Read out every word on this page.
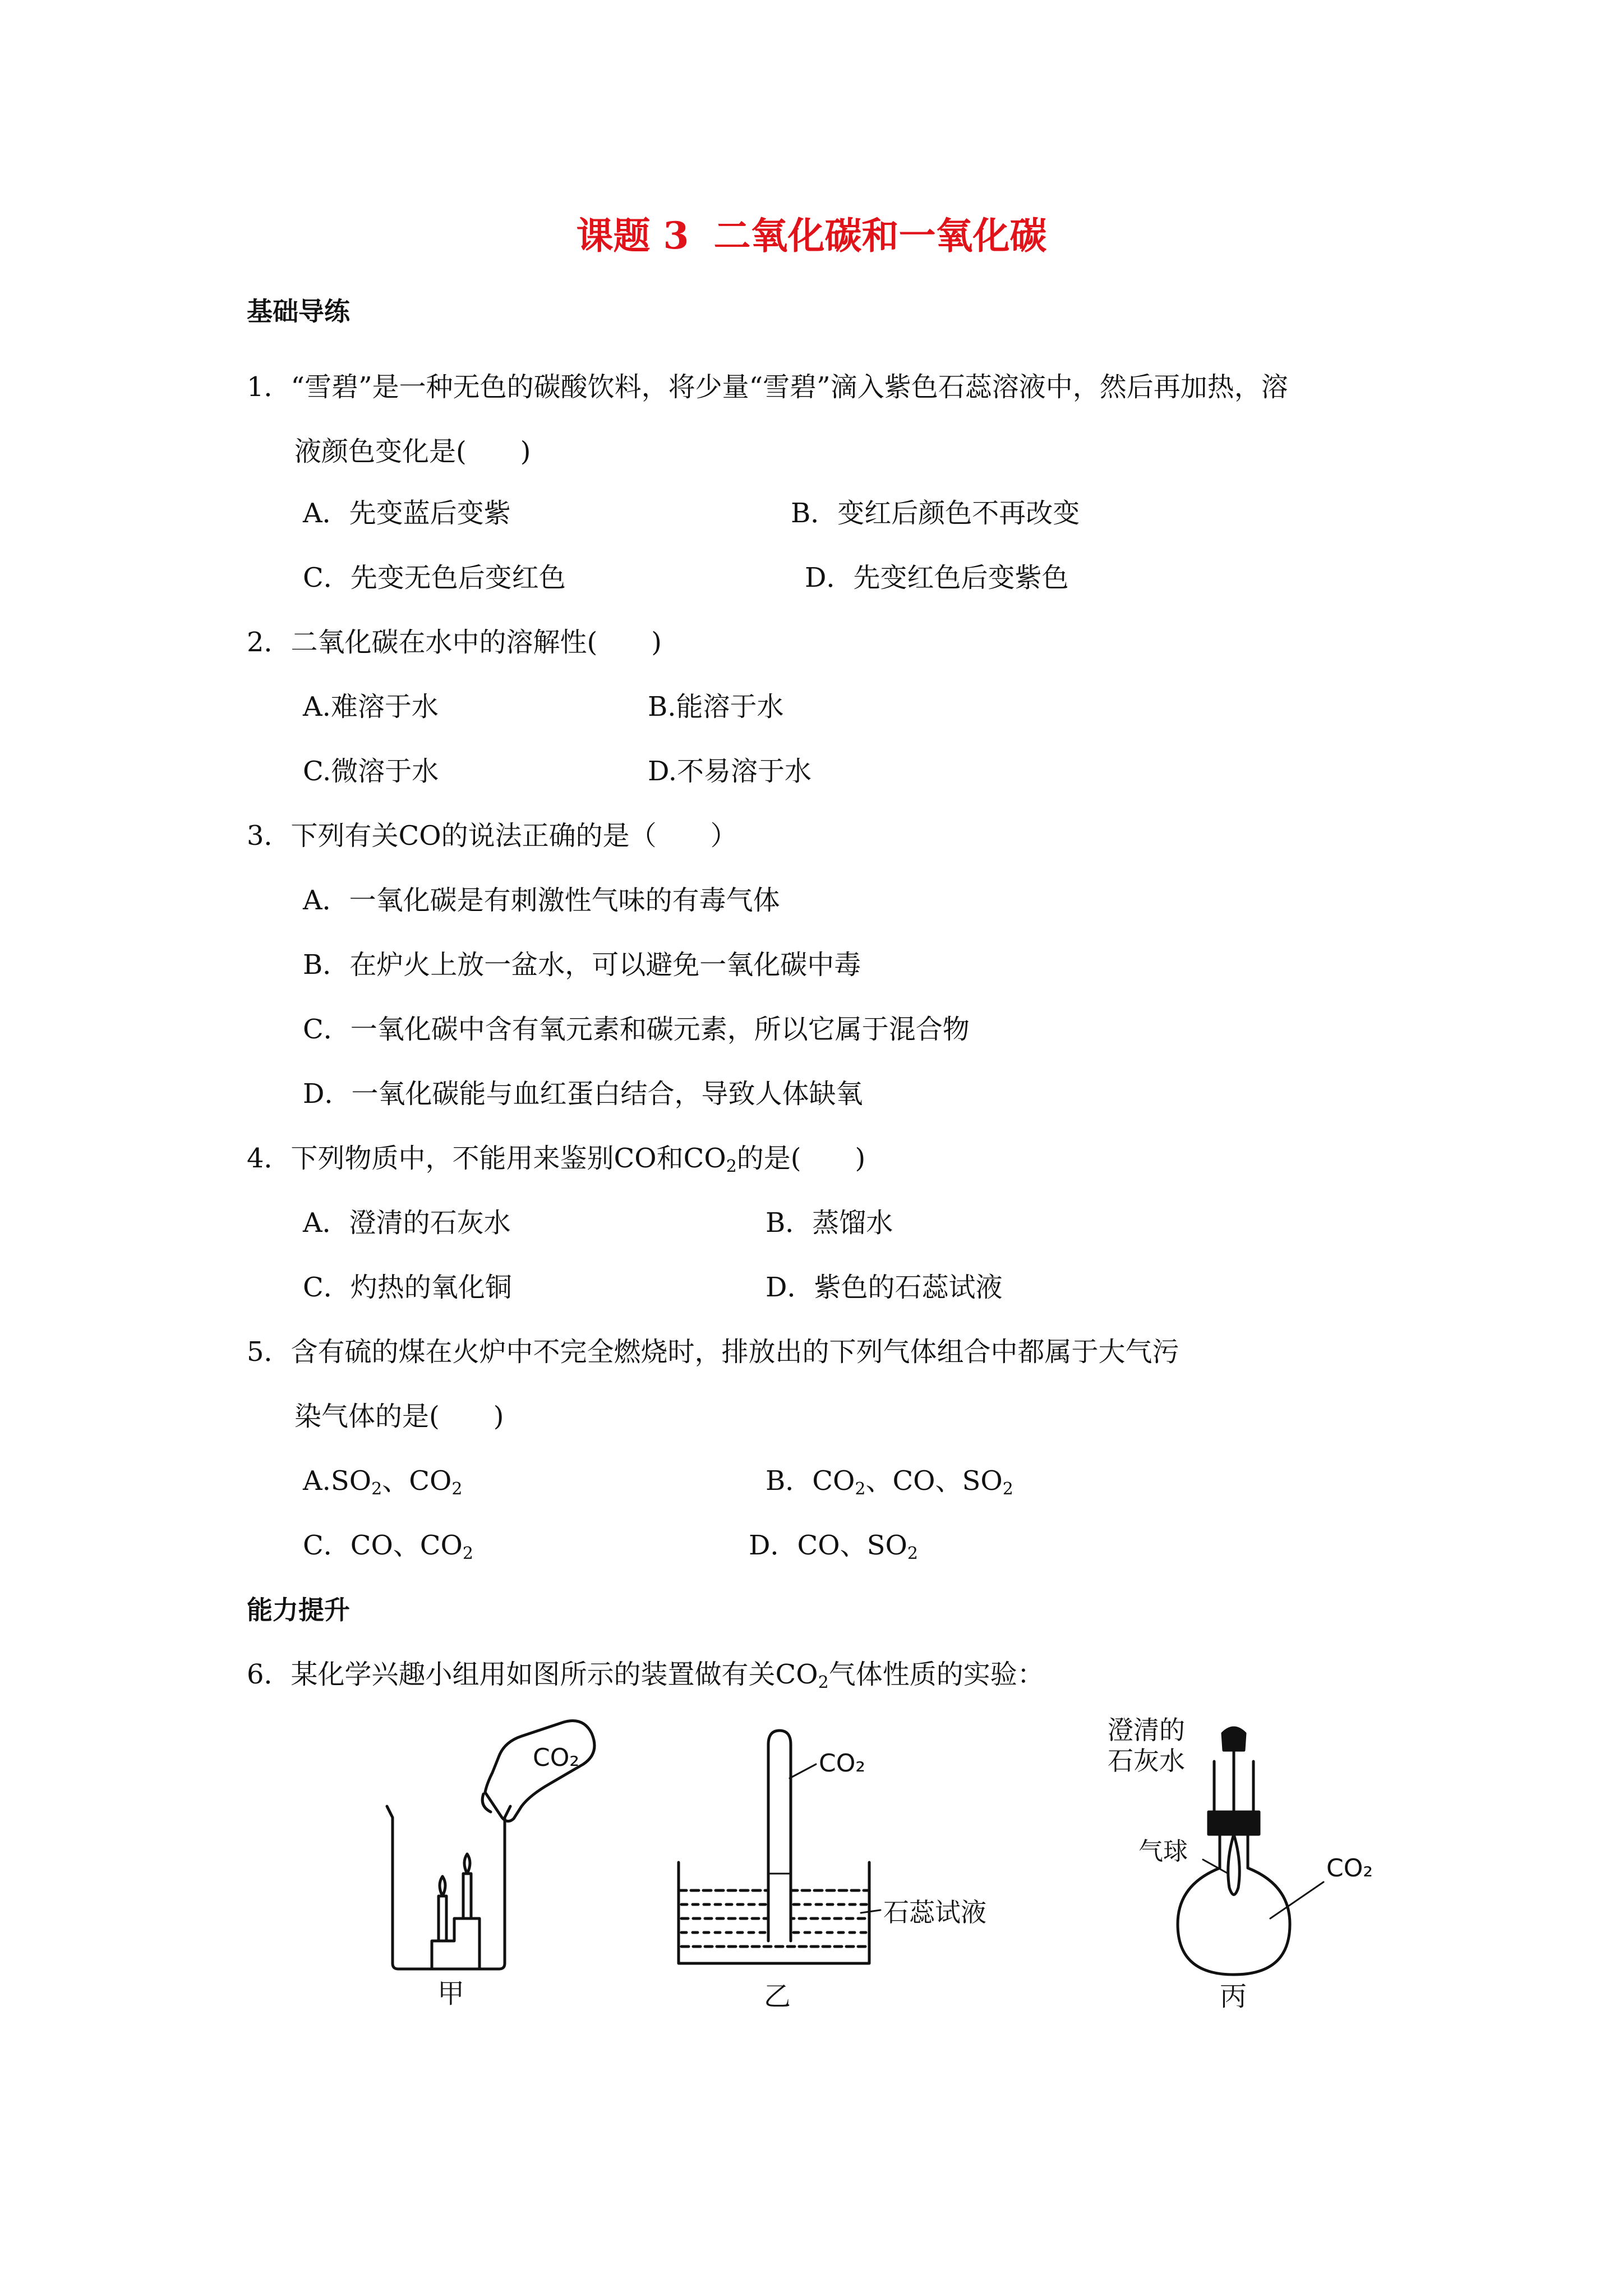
课题 3 二氧化碳和一氧化碳
基础导练
1．“雪碧”是一种无色的碳酸饮料，将少量“雪碧”滴入紫色石蕊溶液中，然后再加热，溶
液颜色变化是(　　)
A．先变蓝后变紫	B．变红后颜色不再改变
C．先变无色后变红色	D．先变红色后变紫色
2．二氧化碳在水中的溶解性(　　)
A.难溶于水	B.能溶于水
C.微溶于水	D.不易溶于水
3．下列有关CO的说法正确的是（　　）
A．一氧化碳是有刺激性气味的有毒气体
B．在炉火上放一盆水，可以避免一氧化碳中毒
C．一氧化碳中含有氧元素和碳元素，所以它属于混合物
D．一氧化碳能与血红蛋白结合，导致人体缺氧
4．下列物质中，不能用来鉴别CO和$CO_2$的是(　　)
A．澄清的石灰水	B．蒸馏水
C．灼热的氧化铜	D．紫色的石蕊试液
5．含有硫的煤在火炉中不完全燃烧时，排放出的下列气体组合中都属于大气污
染气体的是(　　)
$A.SO_2$、$CO_2$	B．$CO_2$、CO、$SO_2$
C．CO、$CO_2$	D．CO、$SO_2$
能力提升
6．某化学兴趣小组用如图所示的装置做有关$CO_2$气体性质的实验：
CO₂
甲
CO₂
石蕊试液
乙
澄清的
石灰水
气球
CO₂
丙
